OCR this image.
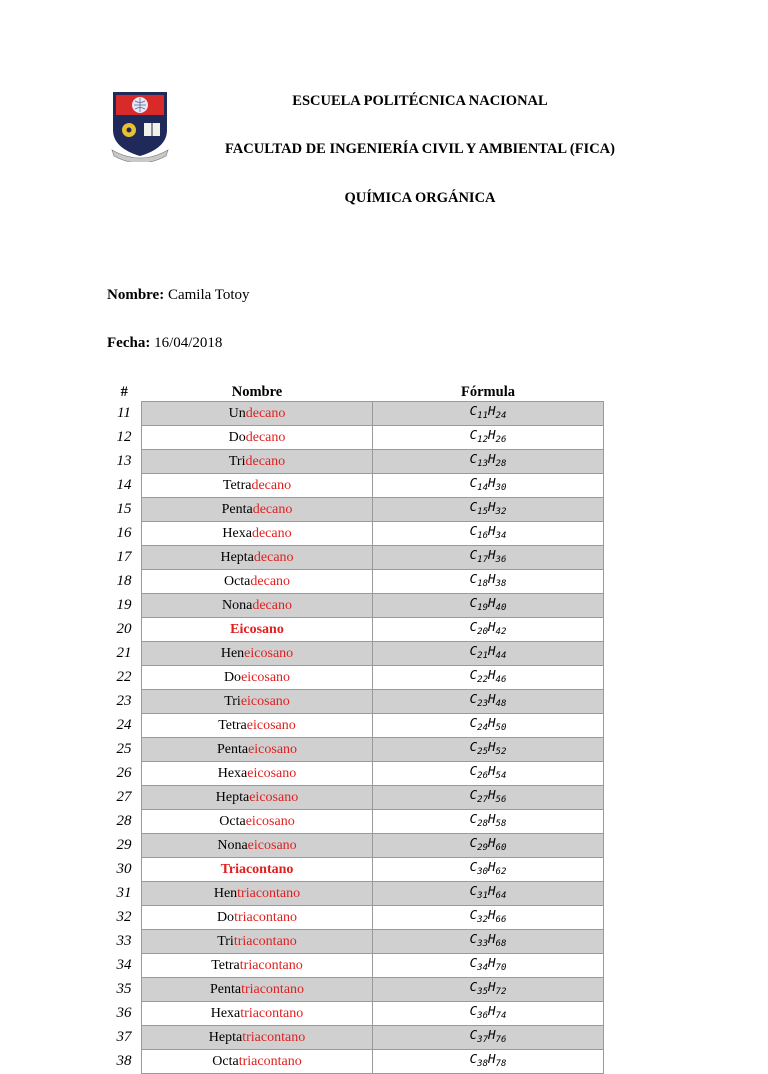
ESCUELA POLITÉCNICA NACIONAL
FACULTAD DE INGENIERÍA CIVIL Y AMBIENTAL (FICA)
QUÍMICA ORGÁNICA
Nombre: Camila Totoy
Fecha: 16/04/2018
#	Nombre	Fórmula
11	Undecano	$C_{11}H_{24}$
12	Dodecano	$C_{12}H_{26}$
13	Tridecano	$C_{13}H_{28}$
14	Tetradecano	$C_{14}H_{30}$
15	Pentadecano	$C_{15}H_{32}$
16	Hexadecano	$C_{16}H_{34}$
17	Heptadecano	$C_{17}H_{36}$
18	Octadecano	$C_{18}H_{38}$
19	Nonadecano	$C_{19}H_{40}$
20	Eicosano	$C_{20}H_{42}$
21	Heneicosano	$C_{21}H_{44}$
22	Doeicosano	$C_{22}H_{46}$
23	Trieicosano	$C_{23}H_{48}$
24	Tetraeicosano	$C_{24}H_{50}$
25	Pentaeicosano	$C_{25}H_{52}$
26	Hexaeicosano	$C_{26}H_{54}$
27	Heptaeicosano	$C_{27}H_{56}$
28	Octaeicosano	$C_{28}H_{58}$
29	Nonaeicosano	$C_{29}H_{60}$
30	Triacontano	$C_{30}H_{62}$
31	Hentriacontano	$C_{31}H_{64}$
32	Dotriacontano	$C_{32}H_{66}$
33	Tritriacontano	$C_{33}H_{68}$
34	Tetratriacontano	$C_{34}H_{70}$
35	Pentatriacontano	$C_{35}H_{72}$
36	Hexatriacontano	$C_{36}H_{74}$
37	Heptatriacontano	$C_{37}H_{76}$
38	Octatriacontano	$C_{38}H_{78}$
